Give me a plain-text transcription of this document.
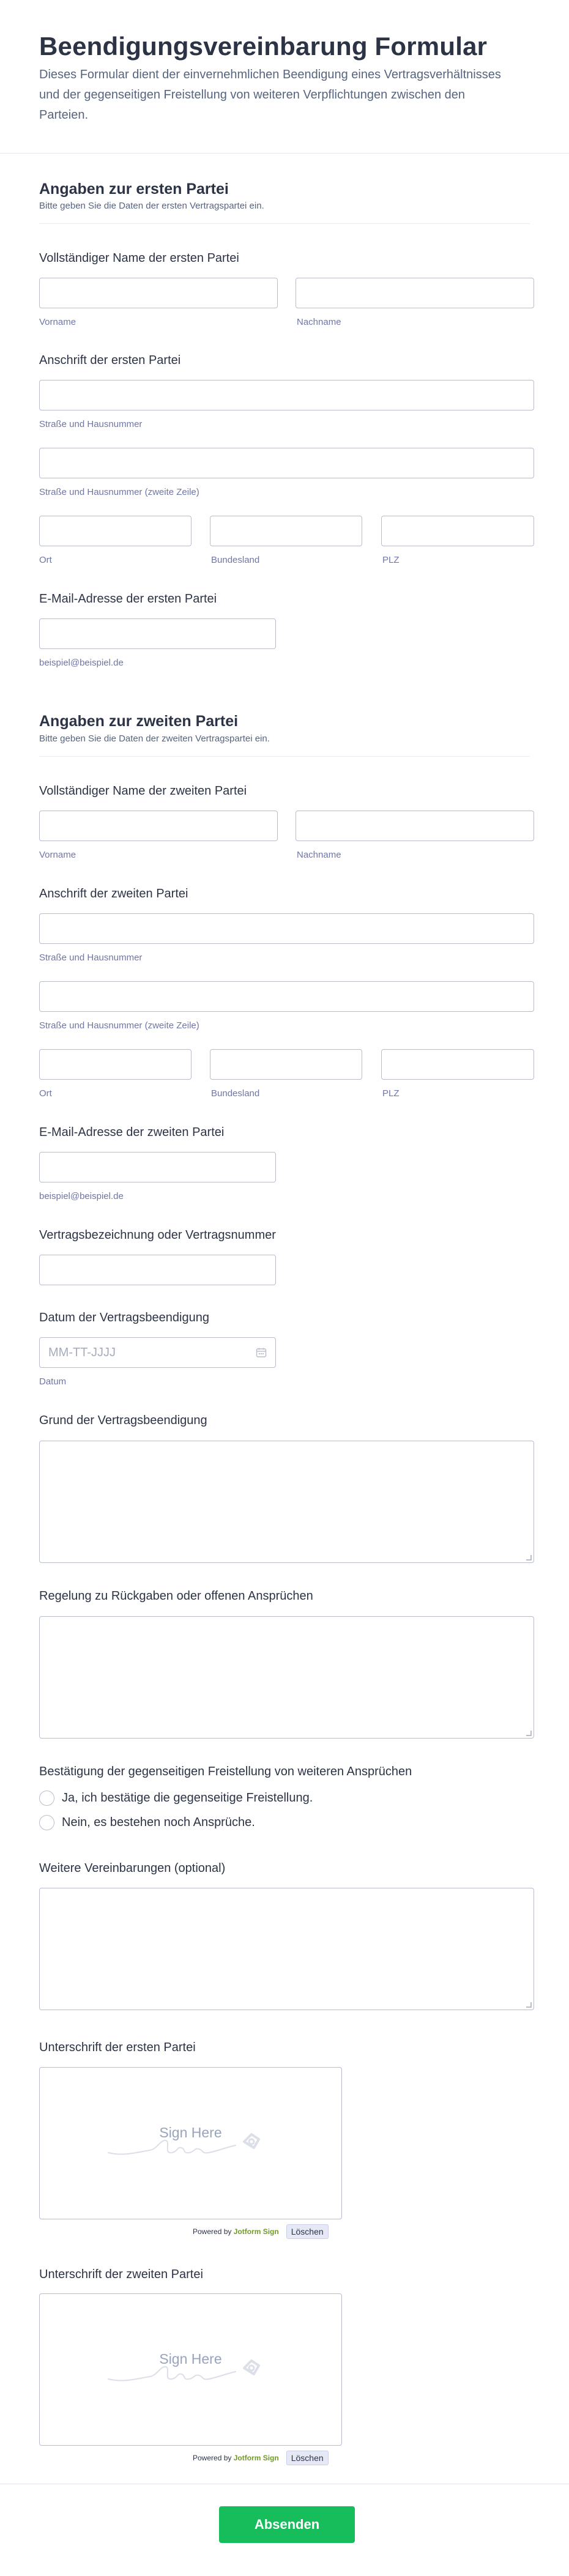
Beendigungsvereinbarung Formular
Dieses Formular dient der einvernehmlichen Beendigung eines Vertragsverhältnisses und der gegenseitigen Freistellung von weiteren Verpflichtungen zwischen den Parteien.
Angaben zur ersten Partei
Bitte geben Sie die Daten der ersten Vertragspartei ein.
Vollständiger Name der ersten Partei
Vorname	Nachname
Anschrift der ersten Partei
Straße und Hausnummer
Straße und Hausnummer (zweite Zeile)
Ort	Bundesland	PLZ
E-Mail-Adresse der ersten Partei
beispiel@beispiel.de
Angaben zur zweiten Partei
Bitte geben Sie die Daten der zweiten Vertragspartei ein.
Vollständiger Name der zweiten Partei
Vorname	Nachname
Anschrift der zweiten Partei
Straße und Hausnummer
Straße und Hausnummer (zweite Zeile)
Ort	Bundesland	PLZ
E-Mail-Adresse der zweiten Partei
beispiel@beispiel.de
Vertragsbezeichnung oder Vertragsnummer
Datum der Vertragsbeendigung
MM-TT-JJJJ
Datum
Grund der Vertragsbeendigung
Regelung zu Rückgaben oder offenen Ansprüchen
Bestätigung der gegenseitigen Freistellung von weiteren Ansprüchen
Ja, ich bestätige die gegenseitige Freistellung.
Nein, es bestehen noch Ansprüche.
Weitere Vereinbarungen (optional)
Unterschrift der ersten Partei
Sign Here
Powered by Jotform Sign	Löschen
Unterschrift der zweiten Partei
Sign Here
Powered by Jotform Sign	Löschen
Absenden
